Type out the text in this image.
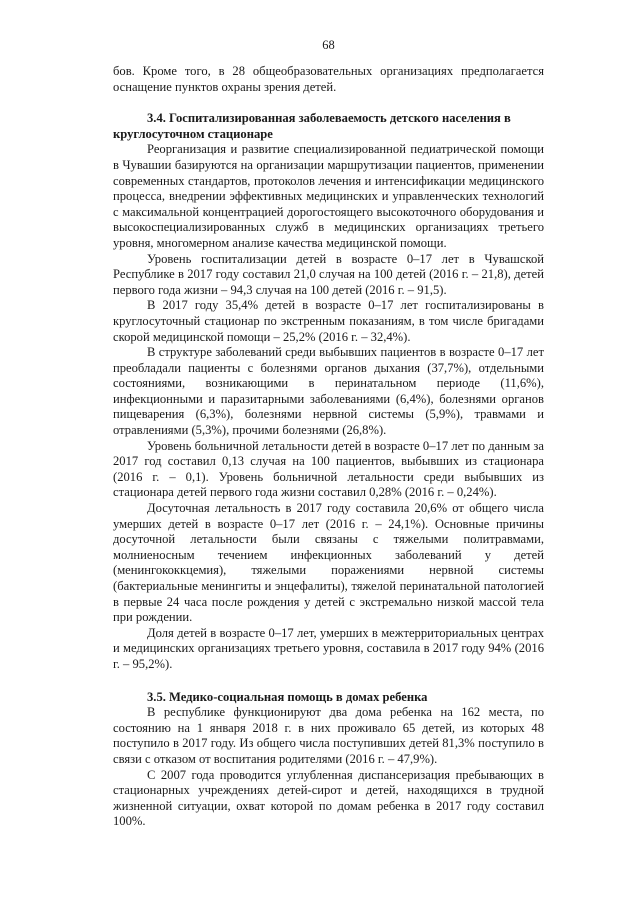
68

бов. Кроме того, в 28 общеобразовательных организациях предполагается оснащение пунктов охраны зрения детей.

3.4. Госпитализированная заболеваемость детского населения в круглосуточном стационаре

Реорганизация и развитие специализированной педиатрической помощи в Чувашии базируются на организации маршрутизации пациентов, применении современных стандартов, протоколов лечения и интенсификации медицинского процесса, внедрении эффективных медицинских и управленческих технологий с максимальной концентрацией дорогостоящего высокоточного оборудования и высокоспециализированных служб в медицинских организациях третьего уровня, многомерном анализе качества медицинской помощи.

Уровень госпитализации детей в возрасте 0–17 лет в Чувашской Республике в 2017 году составил 21,0 случая на 100 детей (2016 г. – 21,8), детей первого года жизни – 94,3 случая на 100 детей (2016 г. – 91,5).

В 2017 году 35,4% детей в возрасте 0–17 лет госпитализированы в круглосуточный стационар по экстренным показаниям, в том числе бригадами скорой медицинской помощи – 25,2% (2016 г. – 32,4%).

В структуре заболеваний среди выбывших пациентов в возрасте 0–17 лет преобладали пациенты с болезнями органов дыхания (37,7%), отдельными состояниями, возникающими в перинатальном периоде (11,6%), инфекционными и паразитарными заболеваниями (6,4%), болезнями органов пищеварения (6,3%), болезнями нервной системы (5,9%), травмами и отравлениями (5,3%), прочими болезнями (26,8%).

Уровень больничной летальности детей в возрасте 0–17 лет по данным за 2017 год составил 0,13 случая на 100 пациентов, выбывших из стационара (2016 г. – 0,1). Уровень больничной летальности среди выбывших из стационара детей первого года жизни составил 0,28% (2016 г. – 0,24%).

Досуточная летальность в 2017 году составила 20,6% от общего числа умерших детей в возрасте 0–17 лет (2016 г. – 24,1%). Основные причины досуточной летальности были связаны с тяжелыми политравмами, молниеносным течением инфекционных заболеваний у детей (менингококкцемия), тяжелыми поражениями нервной системы (бактериальные менингиты и энцефалиты), тяжелой перинатальной патологией в первые 24 часа после рождения у детей с экстремально низкой массой тела при рождении.

Доля детей в возрасте 0–17 лет, умерших в межтерриториальных центрах и медицинских организациях третьего уровня, составила в 2017 году 94% (2016 г. – 95,2%).

3.5. Медико-социальная помощь в домах ребенка

В республике функционируют два дома ребенка на 162 места, по состоянию на 1 января 2018 г. в них проживало 65 детей, из которых 48 поступило в 2017 году. Из общего числа поступивших детей 81,3% поступило в связи с отказом от воспитания родителями (2016 г. – 47,9%).

С 2007 года проводится углубленная диспансеризация пребывающих в стационарных учреждениях детей-сирот и детей, находящихся в трудной жизненной ситуации, охват которой по домам ребенка в 2017 году составил 100%.
